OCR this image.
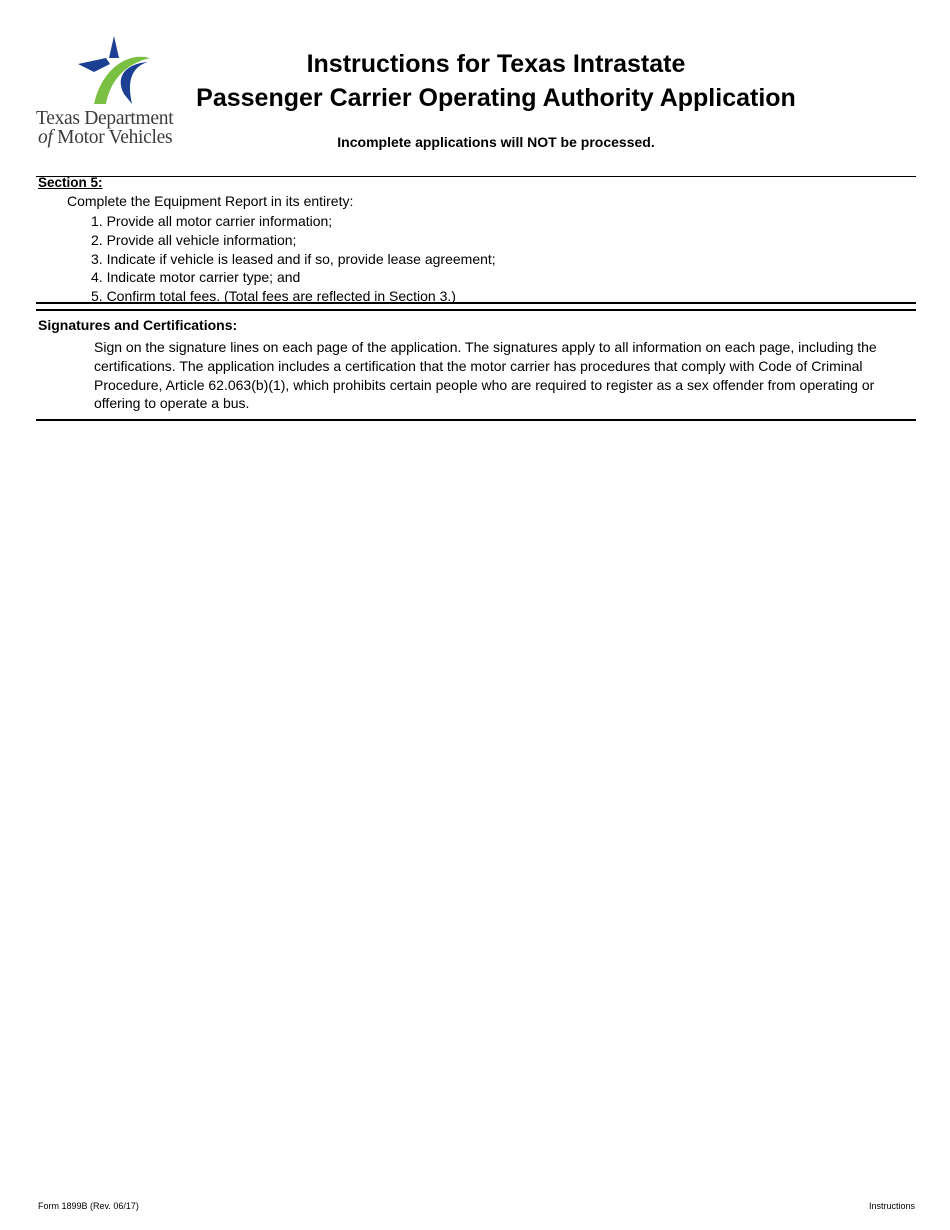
Texas Department
of Motor Vehicles
Instructions for Texas Intrastate
Passenger Carrier Operating Authority Application
Incomplete applications will NOT be processed.
Section 5:
Complete the Equipment Report in its entirety:
1. Provide all motor carrier information;
2. Provide all vehicle information;
3. Indicate if vehicle is leased and if so, provide lease agreement;
4. Indicate motor carrier type; and
5. Confirm total fees. (Total fees are reflected in Section 3.)
Signatures and Certifications:

Sign on the signature lines on each page of the application. The signatures apply to all information on each page, including the certifications. The application includes a certification that the motor carrier has procedures that comply with Code of Criminal Procedure, Article 62.063(b)(1), which prohibits certain people who are required to register as a sex offender from operating or offering to operate a bus.

Form 1899B (Rev. 06/17)	Instructions
